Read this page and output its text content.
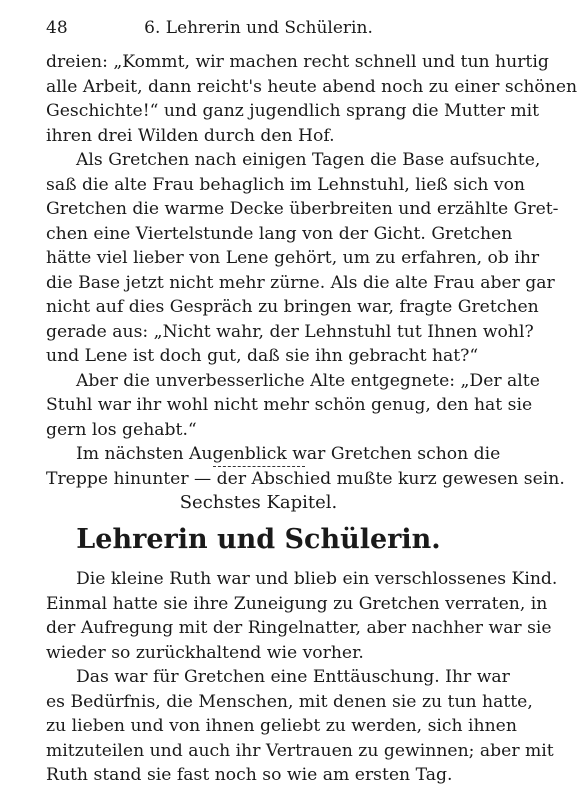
48	6. Lehrerin und Schülerin.
dreien: „Kommt, wir machen recht schnell und tun hurtig
alle Arbeit, dann reicht's heute abend noch zu einer schönen
Geschichte!“ und ganz jugendlich sprang die Mutter mit
ihren drei Wilden durch den Hof.
Als Gretchen nach einigen Tagen die Base aufsuchte,
saß die alte Frau behaglich im Lehnstuhl, ließ sich von
Gretchen die warme Decke überbreiten und erzählte Gret-
chen eine Viertelstunde lang von der Gicht. Gretchen
hätte viel lieber von Lene gehört, um zu erfahren, ob ihr
die Base jetzt nicht mehr zürne. Als die alte Frau aber gar
nicht auf dies Gespräch zu bringen war, fragte Gretchen
gerade aus: „Nicht wahr, der Lehnstuhl tut Ihnen wohl?
und Lene ist doch gut, daß sie ihn gebracht hat?“
Aber die unverbesserliche Alte entgegnete: „Der alte
Stuhl war ihr wohl nicht mehr schön genug, den hat sie
gern los gehabt.“
Im nächsten Augenblick war Gretchen schon die
Treppe hinunter — der Abschied mußte kurz gewesen sein.
Sechstes Kapitel.
Lehrerin und Schülerin.
Die kleine Ruth war und blieb ein verschlossenes Kind.
Einmal hatte sie ihre Zuneigung zu Gretchen verraten, in
der Aufregung mit der Ringelnatter, aber nachher war sie
wieder so zurückhaltend wie vorher.
Das war für Gretchen eine Enttäuschung. Ihr war
es Bedürfnis, die Menschen, mit denen sie zu tun hatte,
zu lieben und von ihnen geliebt zu werden, sich ihnen
mitzuteilen und auch ihr Vertrauen zu gewinnen; aber mit
Ruth stand sie fast noch so wie am ersten Tag.
